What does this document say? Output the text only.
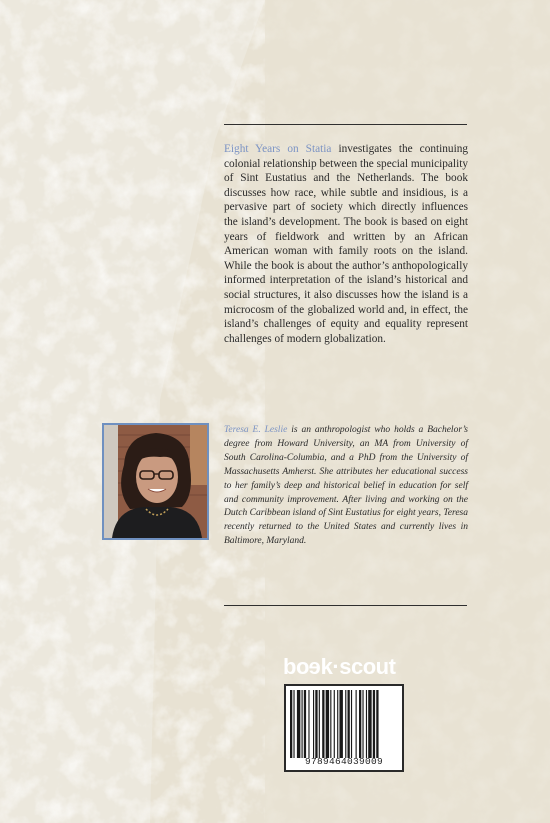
Eight Years on Statia investigates the continuing colonial relationship between the special municipality of Sint Eustatius and the Netherlands. The book discusses how race, while subtle and insidious, is a pervasive part of society which directly influences the island’s development. The book is based on eight years of fieldwork and written by an African American woman with family roots on the island. While the book is about the author’s anthopologically informed interpretation of the island’s historical and social structures, it also discusses how the island is a microcosm of the globalized world and, in effect, the island’s challenges of equity and equality represent challenges of modern globalization.
Teresa E. Leslie is an anthropologist who holds a Bachelor’s degree from Howard University, an MA from University of South Carolina-Columbia, and a PhD from the University of Massachusetts Amherst. She attributes her educational success to her family’s deep and historical belief in education for self and community improvement. After living and working on the Dutch Caribbean island of Sint Eustatius for eight years, Teresa recently returned to the United States and currently lives in Baltimore, Maryland.
boek·scout
9789464039009
